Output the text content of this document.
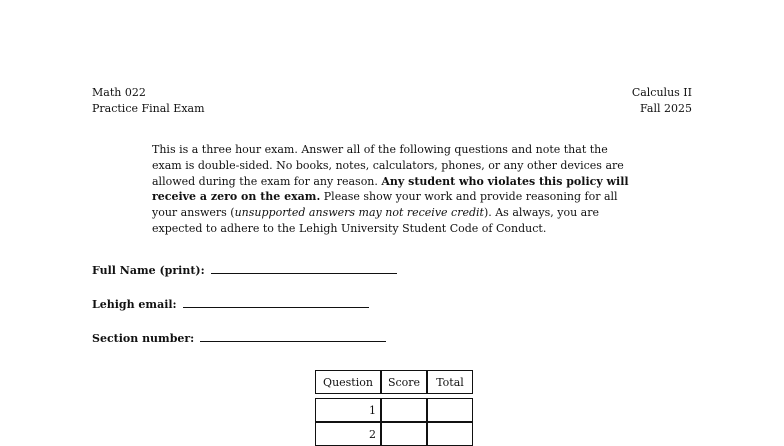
Math 022
Practice Final Exam
Calculus II
Fall 2025
This is a three hour exam. Answer all of the following questions and note that the exam is double-sided. No books, notes, calculators, phones, or any other devices are allowed during the exam for any reason. Any student who violates this policy will receive a zero on the exam. Please show your work and provide reasoning for all your answers (unsupported answers may not receive credit). As always, you are expected to adhere to the Lehigh University Student Code of Conduct.
Full Name (print):
Lehigh email:
Section number:
Question	Score	Total

1		
2		
